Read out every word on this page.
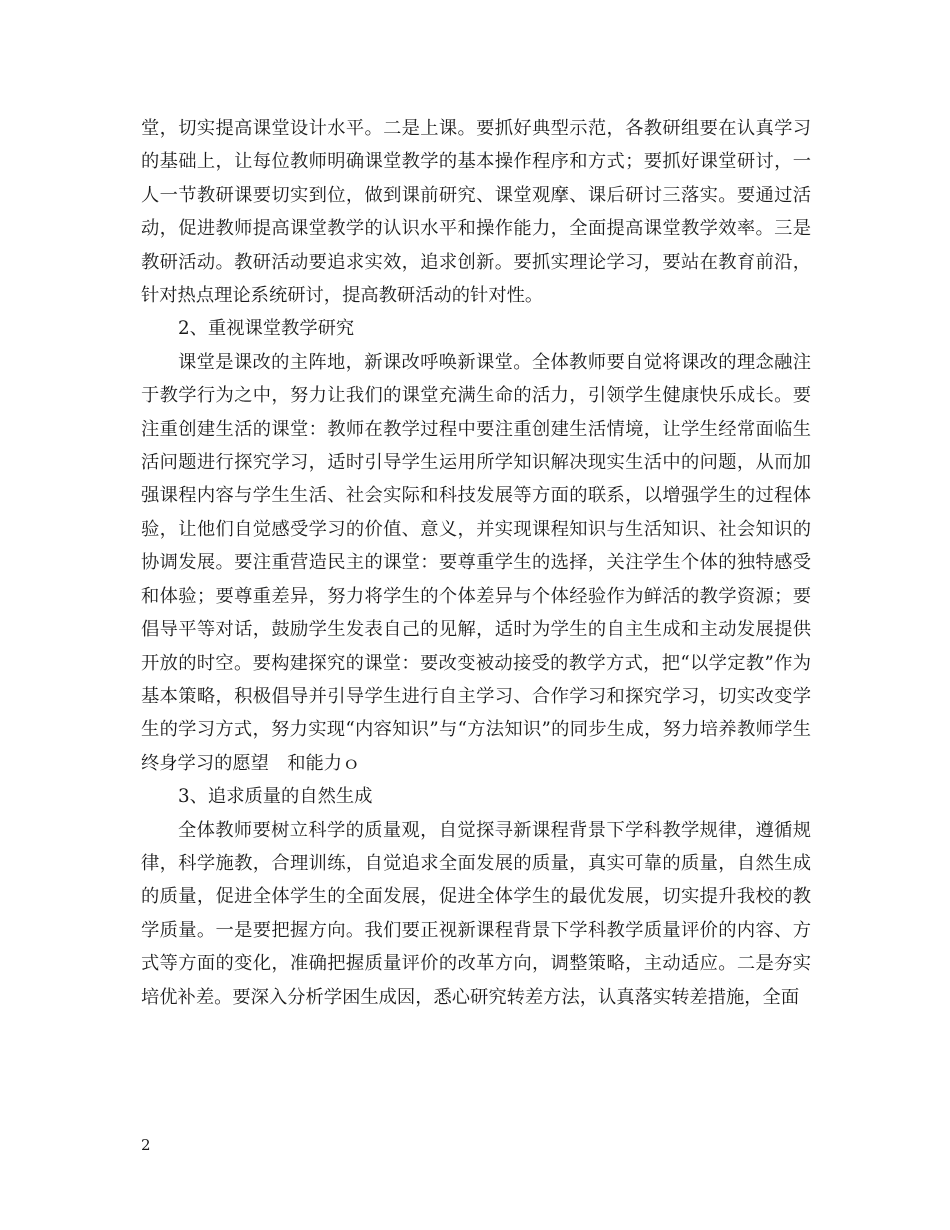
堂，切实提高课堂设计水平。二是上课。要抓好典型示范，各教研组要在认真学习的基础上，让每位教师明确课堂教学的基本操作程序和方式；要抓好课堂研讨，一人一节教研课要切实到位，做到课前研究、课堂观摩、课后研讨三落实。要通过活动，促进教师提高课堂教学的认识水平和操作能力，全面提高课堂教学效率。三是教研活动。教研活动要追求实效，追求创新。要抓实理论学习，要站在教育前沿，针对热点理论系统研讨，提高教研活动的针对性。

2、重视课堂教学研究

课堂是课改的主阵地，新课改呼唤新课堂。全体教师要自觉将课改的理念融注于教学行为之中，努力让我们的课堂充满生命的活力，引领学生健康快乐成长。要注重创建生活的课堂：教师在教学过程中要注重创建生活情境，让学生经常面临生活问题进行探究学习，适时引导学生运用所学知识解决现实生活中的问题，从而加强课程内容与学生生活、社会实际和科技发展等方面的联系，以增强学生的过程体验，让他们自觉感受学习的价值、意义，并实现课程知识与生活知识、社会知识的协调发展。要注重营造民主的课堂：要尊重学生的选择，关注学生个体的独特感受和体验；要尊重差异，努力将学生的个体差异与个体经验作为鲜活的教学资源；要倡导平等对话，鼓励学生发表自己的见解，适时为学生的自主生成和主动发展提供开放的时空。要构建探究的课堂：要改变被动接受的教学方式，把“以学定教”作为基本策略，积极倡导并引导学生进行自主学习、合作学习和探究学习，切实改变学生的学习方式，努力实现“内容知识”与“方法知识”的同步生成，努力培养教师学生终身学习的愿望　和能力ｏ

3、追求质量的自然生成

全体教师要树立科学的质量观，自觉探寻新课程背景下学科教学规律，遵循规律，科学施教，合理训练，自觉追求全面发展的质量，真实可靠的质量，自然生成的质量，促进全体学生的全面发展，促进全体学生的最优发展，切实提升我校的教学质量。一是要把握方向。我们要正视新课程背景下学科教学质量评价的内容、方式等方面的变化，准确把握质量评价的改革方向，调整策略，主动适应。二是夯实培优补差。要深入分析学困生成因，悉心研究转差方法，认真落实转差措施，全面

2
